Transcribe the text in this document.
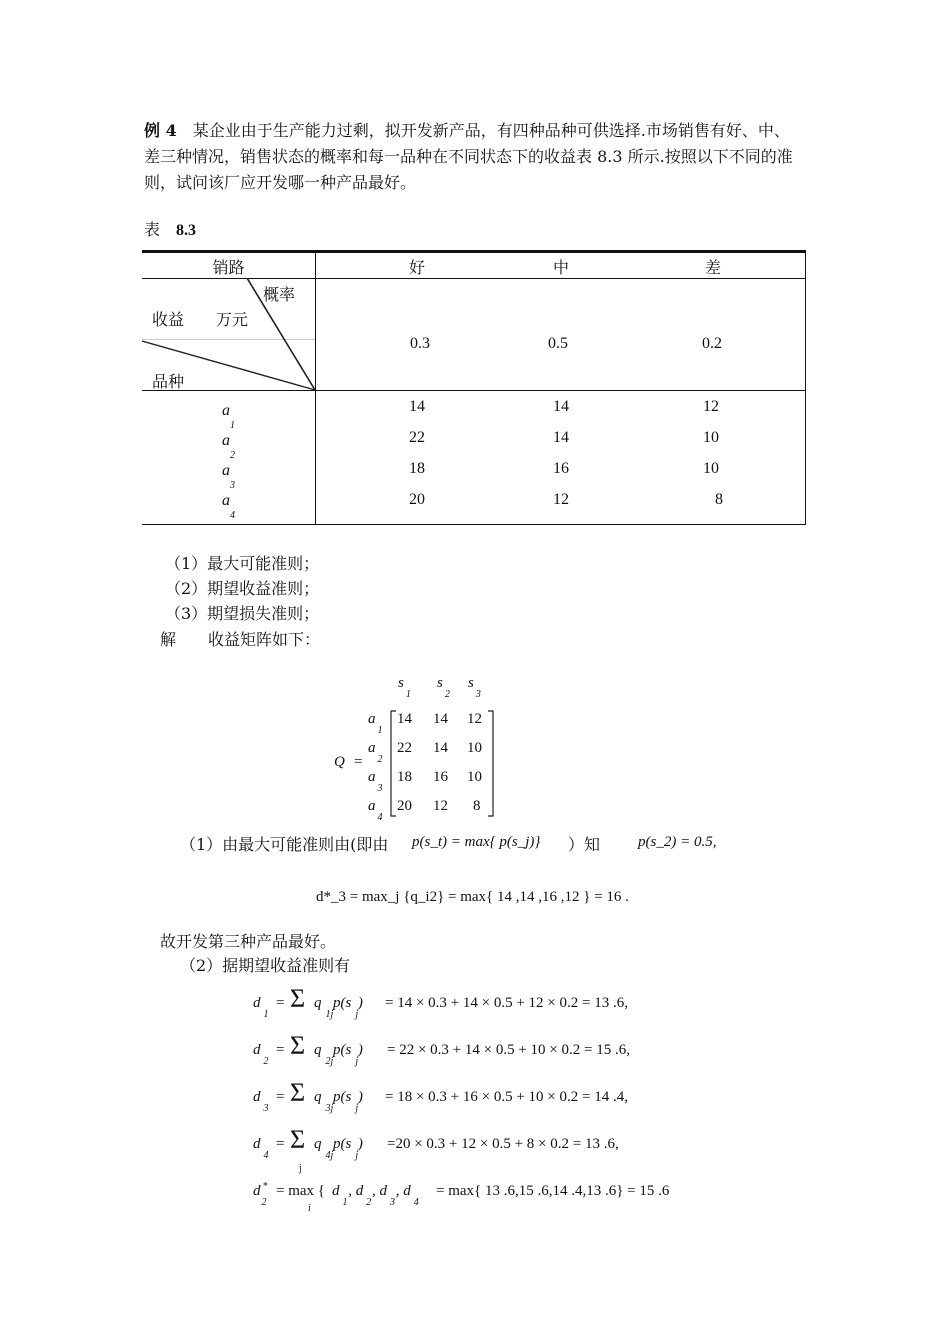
例 4　 某企业由于生产能力过剩，拟开发新产品，有四种品种可供选择.市场销售有好、中、
差三种情况，销售状态的概率和每一品种在不同状态下的收益表 8.3 所示.按照以下不同的准
则，试问该厂应开发哪一种产品最好。
表 8.3
销路	好	中	差
概率
收益　　万元
品种
0.3	0.5	0.2
$a_1$
14	14	12
$a_2$
22	14	10
$a_3$
18	16	10
$a_4$
20	12	8
（1）最大可能准则；
（2）期望收益准则；
（3）期望损失准则；
解　　收益矩阵如下：
$s_1$
$s_2$
$s_3$
Q =
$a_1$
$a_2$
$a_3$
$a_4$
14 14 12
22 14 10
18 16 10
20 12 8
（1）由最大可能准则由(即由 p(s_t) = max{ p(s_j)} ）知	p(s_2) = 0.5,
d*_3 = max_j {q_i2} = max{ 14 ,14 ,16 ,12 } = 16 .
故开发第三种产品最好。
（2）据期望收益准则有
$d_1$
= Σ $q_{1j}$ $p(s_j$ ) = 14 × 0.3 + 14 × 0.5 + 12 × 0.2 = 13 .6,
$d_2$
= Σ $q_{2j}$ $p(s_j$ ) = 22 × 0.3 + 14 × 0.5 + 10 × 0.2 = 15 .6,
$d_3$
= Σ $q_{3j}$ $p(s_j$ ) = 18 × 0.3 + 16 × 0.5 + 10 × 0.2 = 14 .4,
$d_4$
= Σ $q_{4j}$ $p(s_j$ ) =20 × 0.3 + 12 × 0.5 + 8 × 0.2 = 13 .6,
j
d *$_2$
= max { $d_1$ , $d_2$ , $d_3$ , $d_4$
= max{ 13 .6,15 .6,14 .4,13 .6} = 15 .6
i
